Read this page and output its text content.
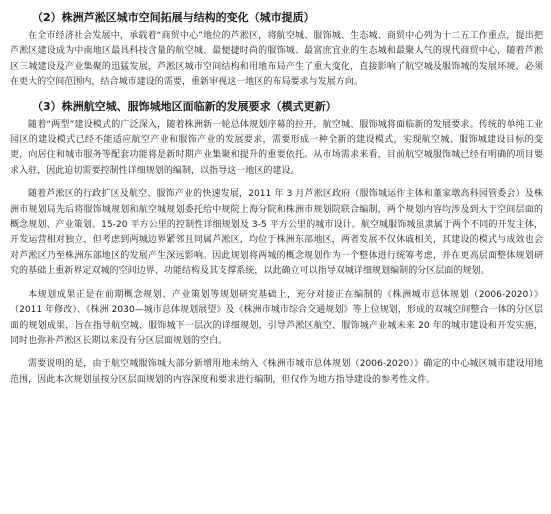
（2）株洲芦淞区城市空间拓展与结构的变化（城市提质）

在全市经济社会发展中，承载着“商贸中心”地位的芦淞区，将航空城、服饰城、生态城、商贸中心列为十二五工作重点，提出把芦淞区建设成为中南地区最具科技含量的航空城、最便捷时尚的服饰城、最富庶宜业的生态城和最聚人气的现代商贸中心，随着芦淞区三城建设及产业集聚的迅猛发展，芦淞区城市空间结构和用地布局产生了重大变化，直接影响了航空城及服饰城的发展环境，必须在更大的空间范围内，结合城市建设的需要，重新审视这一地区的布局要求与发展方向。

（3）株洲航空城、服饰城地区面临新的发展要求（模式更新）

随着“两型”建设模式的广泛深入，随着株洲新一轮总体规划序幕的拉开，航空城、服饰城将面临新的发展要求。传统的单纯工业园区的建设模式已经不能适应航空产业和服饰产业的发展要求，需要形成一种全新的建设模式，实现航空城、服饰城建设目标的变更，向居住和城市服务等配套功能将是新时期产业集聚和提升的重要依托。从市场需求来看，目前航空城服饰城已经有明确的项目要求入驻，因此迫切需要控制性详细规划的编制，以指导这一地区的建设。

随着芦淞区的行政扩区及航空、服饰产业的快速发展，2011 年 3 月芦淞区政府（服饰城运作主体和董家墩高科园管委会）及株洲市规划局先后将服饰城规划和航空城规划委托给中规院上海分院和株洲市规划院联合编制，两个规划内容均涉及到大于空间层面的概念规划、产业策划、15-20 平方公里的控制性详细规划及 3-5 平方公里的城市设计。航空城服饰城虽隶属于两个不同的开发主体，开发运营相对独立，但考虑到两城边界紧邻且同属芦淞区，均位于株洲东部地区，两者发展不仅休戚相关，其建设的模式与成效也会对芦淞区乃至株洲东部地区的发展产生深远影响。因此规划将两城的概念规划作为一个整体进行统筹考虑，并在更高层面整体规划研究的基础上重新界定双城的空间边界、功能结构及其支撑系统，以此确立可以指导双城详细规划编制的分区层面的规划。

本规划成果正是在前期概念规划、产业策划等规划研究基础上，充分对接正在编制的《株洲城市总体规划（2006-2020）》（2011 年修改）、《株洲 2030—城市总体规划展望》及《株洲市城市综合交通规划》等上位规划，形成的双城空间整合一体的分区层面的规划成果，旨在指导航空城、服饰城下一层次的详细规划，引导芦淞区航空、服饰城产业城未来 20 年的城市建设和开发实施，同时也弥补芦淞区长期以来没有分区层面规划的空白。

需要说明的是，由于航空城服饰城大部分新增用地未纳入《株洲市城市总体规划（2006-2020）》确定的中心城区城市建设用地范围，因此本次规划虽按分区层面规划的内容深度和要求进行编制，但仅作为地方指导建设的参考性文件。
